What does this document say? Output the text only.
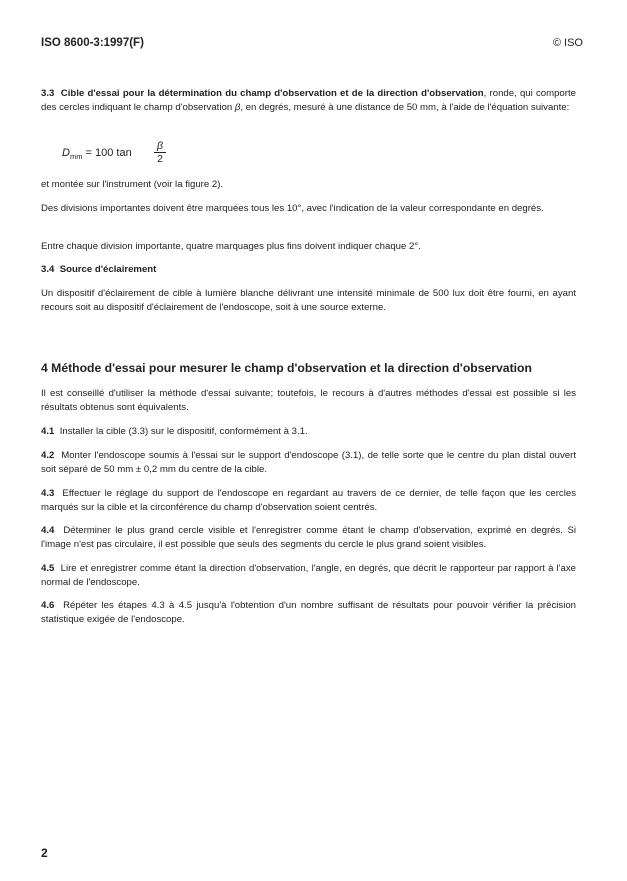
ISO 8600-3:1997(F)	© ISO

3.3 Cible d'essai pour la détermination du champ d'observation et de la direction d'observation, ronde, qui comporte des cercles indiquant le champ d'observation β, en degrés, mesuré à une distance de 50 mm, à l'aide de l'équation suivante:

$D_{mm} = 100$ $\tan \frac{\beta}{2}$

et montée sur l'instrument (voir la figure 2).

Des divisions importantes doivent être marquées tous les 10°, avec l'indication de la valeur correspondante en degrés.

Entre chaque division importante, quatre marquages plus fins doivent indiquer chaque 2°.

3.4 Source d'éclairement

Un dispositif d'éclairement de cible à lumière blanche délivrant une intensité minimale de 500 lux doit être fourni, en ayant recours soit au dispositif d'éclairement de l'endoscope, soit à une source externe.

4 Méthode d'essai pour mesurer le champ d'observation et la direction d'observation

Il est conseillé d'utiliser la méthode d'essai suivante; toutefois, le recours à d'autres méthodes d'essai est possible si les résultats obtenus sont équivalents.

4.1 Installer la cible (3.3) sur le dispositif, conformément à 3.1.

4.2 Monter l'endoscope soumis à l'essai sur le support d'endoscope (3.1), de telle sorte que le centre du plan distal ouvert soit séparé de 50 mm ± 0,2 mm du centre de la cible.

4.3 Effectuer le réglage du support de l'endoscope en regardant au travers de ce dernier, de telle façon que les cercles marqués sur la cible et la circonférence du champ d'observation soient centrés.

4.4 Déterminer le plus grand cercle visible et l'enregistrer comme étant le champ d'observation, exprimé en degrés. Si l'image n'est pas circulaire, il est possible que seuls des segments du cercle le plus grand soient visibles.

4.5 Lire et enregistrer comme étant la direction d'observation, l'angle, en degrés, que décrit le rapporteur par rapport à l'axe normal de l'endoscope.

4.6 Répéter les étapes 4.3 à 4.5 jusqu'à l'obtention d'un nombre suffisant de résultats pour pouvoir vérifier la précision statistique exigée de l'endoscope.

2
